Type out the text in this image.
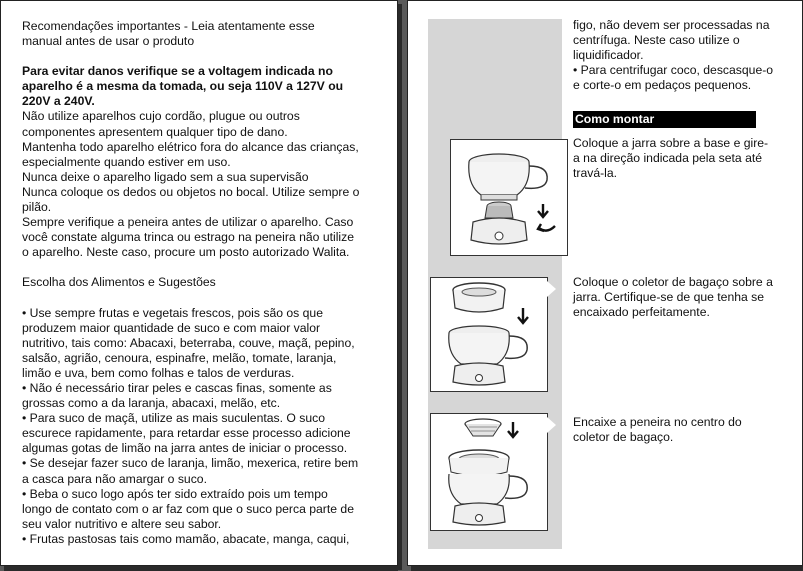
Recomendações importantes - Leia atentamente esse

manual antes de usar o produto

Para evitar danos verifique se a voltagem indicada no

aparelho é a mesma da tomada, ou seja 110V a 127V ou

220V a 240V.

Não utilize aparelhos cujo cordão, plugue ou outros

componentes apresentem qualquer tipo de dano.

Mantenha todo aparelho elétrico fora do alcance das crianças,

especialmente quando estiver em uso.

Nunca deixe o aparelho ligado sem a sua supervisão

Nunca coloque os dedos ou objetos no bocal. Utilize sempre o

pilão.

Sempre verifique a peneira antes de utilizar o aparelho. Caso

você constate alguma trinca ou estrago na peneira não utilize

o aparelho. Neste caso, procure um posto autorizado Walita.

Escolha dos Alimentos e Sugestões

• Use sempre frutas e vegetais frescos, pois são os que

produzem maior quantidade de suco e com maior valor

nutritivo, tais como: Abacaxi, beterraba, couve, maçã, pepino,

salsão, agrião, cenoura, espinafre, melão, tomate, laranja,

limão e uva, bem como folhas e talos de verduras.

• Não é necessário tirar peles e cascas finas, somente as

grossas como a da laranja, abacaxi, melão, etc.

• Para suco de maçã, utilize as mais suculentas. O suco

escurece rapidamente, para retardar esse processo adicione

algumas gotas de limão na jarra antes de iniciar o processo.

• Se desejar fazer suco de laranja, limão, mexerica, retire bem

a casca para não amargar o suco.

• Beba o suco logo após ter sido extraído pois um tempo

longo de contato com o ar faz com que o suco perca parte de

seu valor nutritivo e altere seu sabor.

• Frutas pastosas tais como mamão, abacate, manga, caqui,

figo, não devem ser processadas na

centrífuga. Neste caso utilize o

liquidificador.

• Para centrifugar coco, descasque-o

e corte-o em pedaços pequenos.

Como montar

Coloque a jarra sobre a base e gire-

a na direção indicada pela seta até

travá-la.

Coloque o coletor de bagaço sobre a

jarra. Certifique-se de que tenha se

encaixado perfeitamente.

Encaixe a peneira no centro do

coletor de bagaço.
